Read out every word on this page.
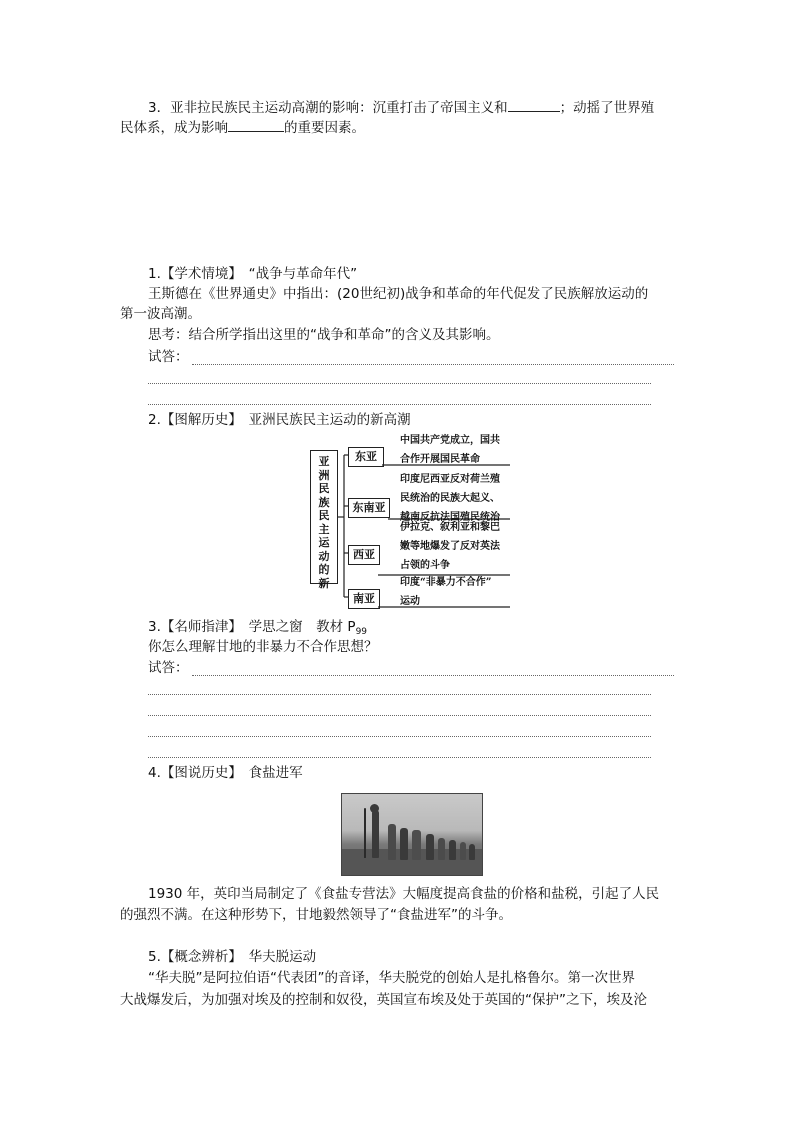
3．亚非拉民族民主运动高潮的影响：沉重打击了帝国主义和	；动摇了世界殖
民体系，成为影响	的重要因素。
1.【学术情境】　“战争与革命年代”
王斯德在《世界通史》中指出：(20世纪初)战争和革命的年代促发了民族解放运动的
第一波高潮。
思考：结合所学指出这里的“战争和革命”的含义及其影响。
试答：
2.【图解历史】　亚洲民族民主运动的新高潮
亚
洲
民
族
民
主
运
动
的
新
东亚
东南亚
西亚
南亚
中国共产党成立，国共
合作开展国民革命
印度尼西亚反对荷兰殖
民统治的民族大起义、
越南反抗法国殖民统治
伊拉克、叙利亚和黎巴
嫩等地爆发了反对英法
占领的斗争
印度“非暴力不合作”
运动
3.【名师指津】　学思之窗　教材 $P_{99}$
你怎么理解甘地的非暴力不合作思想？
试答：
4.【图说历史】　食盐进军
1930 年，英印当局制定了《食盐专营法》大幅度提高食盐的价格和盐税，引起了人民
的强烈不满。在这种形势下，甘地毅然领导了“食盐进军”的斗争。
5.【概念辨析】　华夫脱运动
“华夫脱”是阿拉伯语“代表团”的音译，华夫脱党的创始人是扎格鲁尔。第一次世界
大战爆发后，为加强对埃及的控制和奴役，英国宣布埃及处于英国的“保护”之下，埃及沦
